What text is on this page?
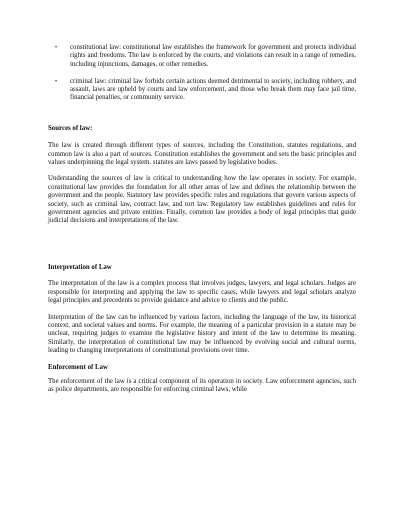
• constitutional law: constitutional law establishes the framework for government and protects individual rights and freedoms. The law is enforced by the courts, and violations can result in a range of remedies, including injunctions, damages, or other remedies.
• criminal law: criminal law forbids certain actions deemed detrimental to society, including robbery, and assault, laws are upheld by courts and law enforcement, and those who break them may face jail time, financial penalties, or community service.

Sources of law:

The law is created through different types of sources, including the Constitution, statutes regulations, and common law is also a part of sources. Constitution establishes the government and sets the basic principles and values underpinning the legal system. statutes are laws passed by legislative bodies.

Understanding the sources of law is critical to understanding how the law operates in society. For example, constitutional law provides the foundation for all other areas of law and defines the relationship between the government and the people. Statutory law provides specific rules and regulations that govern various aspects of society, such as criminal law, contract law, and tort law. Regulatory law establishes guidelines and rules for government agencies and private entities. Finally, common law provides a body of legal principles that guide judicial decisions and interpretations of the law.

Interpretation of Law

The interpretation of the law is a complex process that involves judges, lawyers, and legal scholars. Judges are responsible for interpreting and applying the law to specific cases, while lawyers and legal scholars analyze legal principles and precedents to provide guidance and advice to clients and the public.

Interpretation of the law can be influenced by various factors, including the language of the law, its historical context, and societal values and norms. For example, the meaning of a particular provision in a statute may be unclear, requiring judges to examine the legislative history and intent of the law to determine its meaning. Similarly, the interpretation of constitutional law may be influenced by evolving social and cultural norms, leading to changing interpretations of constitutional provisions over time.

Enforcement of Law

The enforcement of the law is a critical component of its operation in society. Law enforcement agencies, such as police departments, are responsible for enforcing criminal laws, while
